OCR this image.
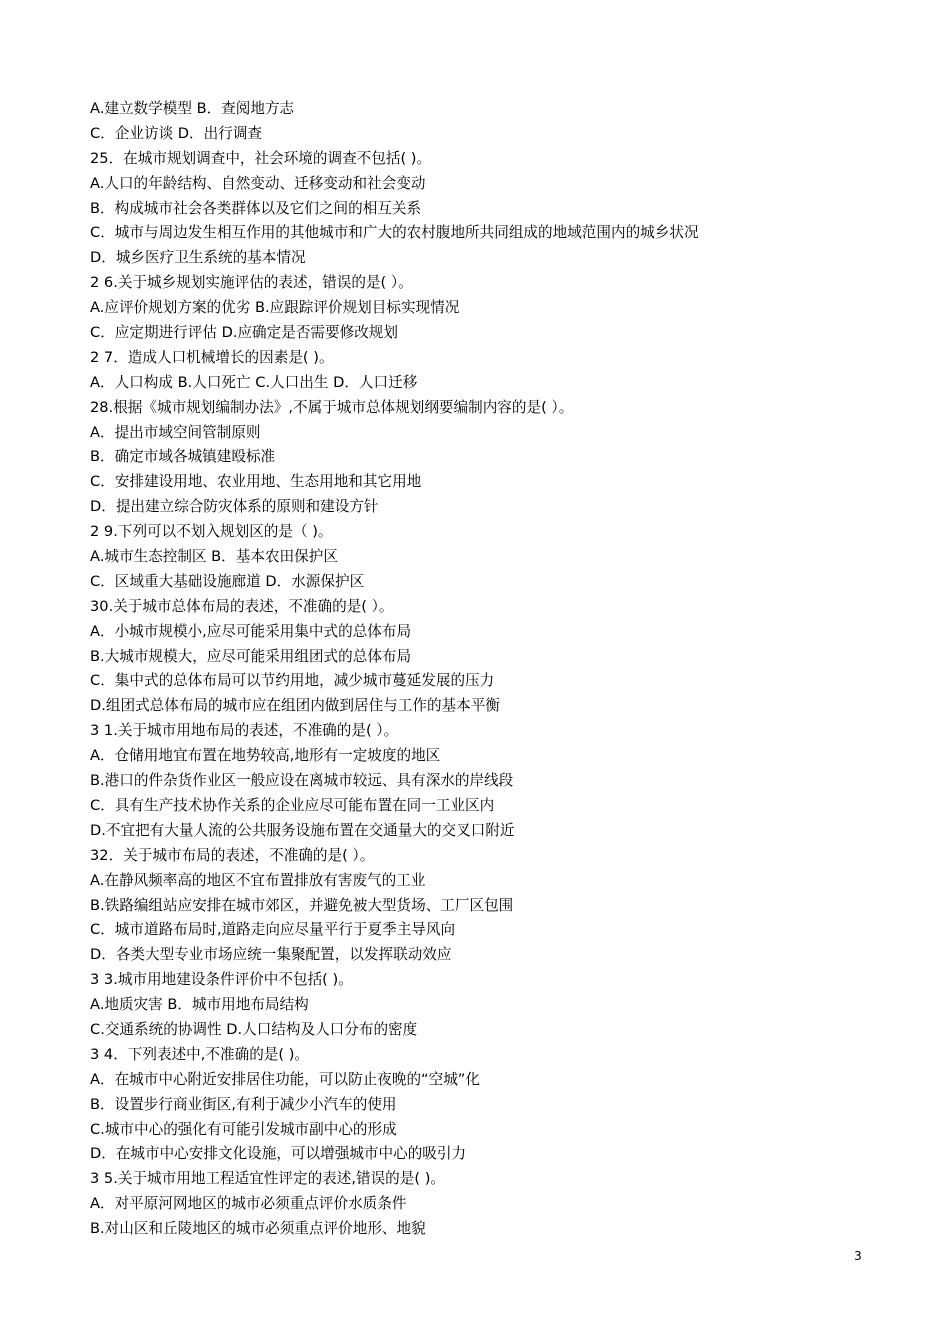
A.建立数学模型 B．查阅地方志
C．企业访谈 D．出行调查
25．在城市规划调查中，社会环境的调查不包括( )。
A.人口的年龄结构、自然变动、迁移变动和社会变动
B．构成城市社会各类群体以及它们之间的相互关系
C．城市与周边发生相互作用的其他城市和广大的农村腹地所共同组成的地域范围内的城乡状况
D．城乡医疗卫生系统的基本情况
2 6.关于城乡规划实施评估的表述，错误的是( ）。
A.应评价规划方案的优劣 B.应跟踪评价规划目标实现情况
C．应定期进行评估 D.应确定是否需要修改规划
2 7．造成人口机械增长的因素是( )。
A．人口构成 B.人口死亡 C.人口出生 D．人口迁移
28.根据《城市规划编制办法》,不属于城市总体规划纲要编制内容的是( ）。
A．提出市域空间管制原则
B．确定市域各城镇建殴标准
C．安排建设用地、农业用地、生态用地和其它用地
D．提出建立综合防灾体系的原则和建设方针
2 9.下列可以不划入规划区的是（ )。
A.城市生态控制区 B．基本农田保护区
C．区域重大基础设施廊道 D．水源保护区
30.关于城市总体布局的表述，不准确的是( ）。
A．小城市规模小,应尽可能采用集中式的总体布局
B.大城市规模大，应尽可能采用组团式的总体布局
C．集中式的总体布局可以节约用地，减少城市蔓延发展的压力
D.组团式总体布局的城市应在组团内做到居住与工作的基本平衡
3 1.关于城市用地布局的表述，不准确的是( ）。
A．仓储用地宜布置在地势较高,地形有一定坡度的地区
B.港口的件杂货作业区一般应设在离城市较远、具有深水的岸线段
C．具有生产技术协作关系的企业应尽可能布置在同一工业区内
D.不宜把有大量人流的公共服务设施布置在交通量大的交叉口附近
32．关于城市布局的表述，不准确的是( ）。
A.在静风频率高的地区不宜布置排放有害废气的工业
B.铁路编组站应安排在城市郊区，并避免被大型货场、工厂区包围
C．城市道路布局时,道路走向应尽量平行于夏季主导风向
D．各类大型专业市场应统一集聚配置，以发挥联动效应
3 3.城市用地建设条件评价中不包括( )。
A.地质灾害 B．城市用地布局结构
C.交通系统的协调性 D.人口结构及人口分布的密度
3 4．下列表述中,不准确的是( )。
A．在城市中心附近安排居住功能，可以防止夜晚的“空城”化
B．设置步行商业街区,有利于减少小汽车的使用
C.城市中心的强化有可能引发城市副中心的形成
D．在城市中心安排文化设施，可以增强城市中心的吸引力
3 5.关于城市用地工程适宜性评定的表述,错误的是( )。
A．对平原河网地区的城市必须重点评价水质条件
B.对山区和丘陵地区的城市必须重点评价地形、地貌
3
